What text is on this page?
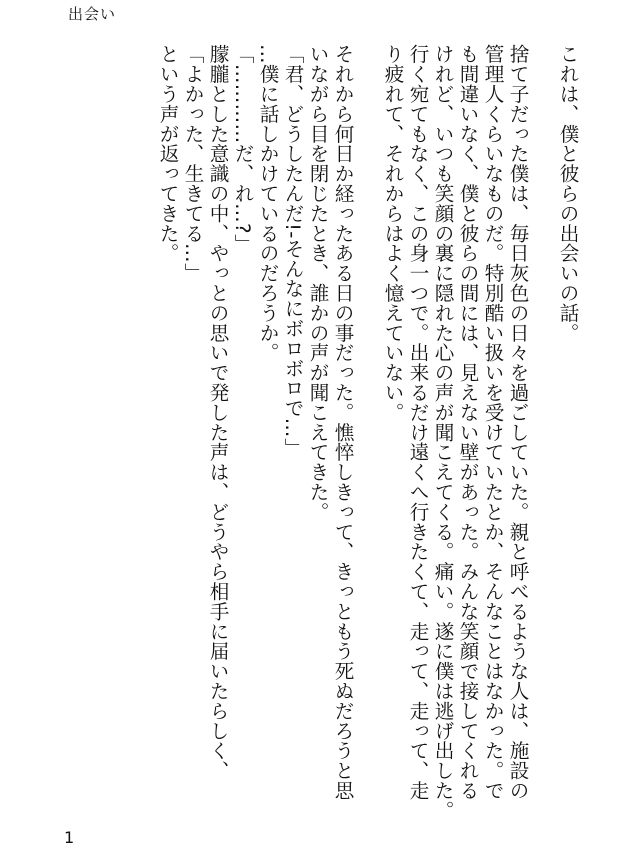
出会い

これは、僕と彼らの出会いの話。

捨て子だった僕は、毎日灰色の日々を過ごしていた。親と呼べるような人は、施設の

管理人くらいなものだ。特別酷い扱いを受けていたとか、そんなことはなかった。で

も間違いなく、僕と彼らの間には、見えない壁があった。みんな笑顔で接してくれる

けれど、いつも笑顔の裏に隠れた心の声が聞こえてくる。痛い。遂に僕は逃げ出した。

行く宛てもなく、この身一つで。出来るだけ遠くへ行きたくて、走って、走って、走

り疲れて、それからはよく憶えていない。

それから何日か経ったある日の事だった。憔悴しきって、きっともう死ぬだろうと思

いながら目を閉じたとき、誰かの声が聞こえてきた。

「君、どうしたんだ!-そんなにボロボロで…」

…僕に話しかけているのだろうか。

「…………だ、れ…?」

朦朧とした意識の中、やっとの思いで発した声は、どうやら相手に届いたらしく、

「よかった、生きてる…」

という声が返ってきた。

1
